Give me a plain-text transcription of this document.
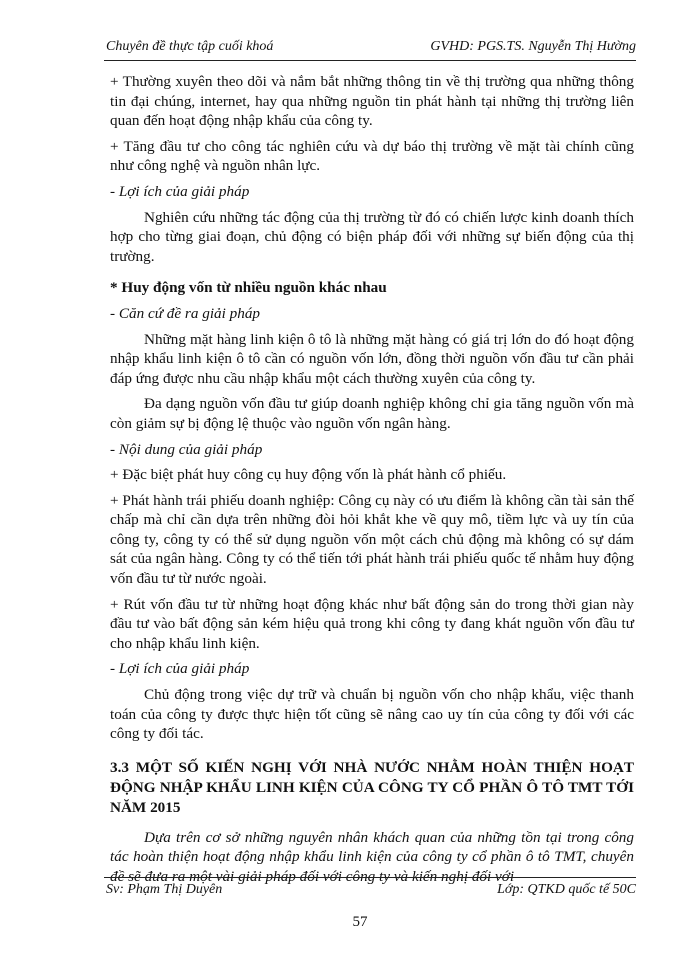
Chuyên đề thực tập cuối khoá	GVHD: PGS.TS. Nguyễn Thị Hường

+ Thường xuyên theo dõi và nắm bắt những thông tin về thị trường qua những thông tin đại chúng, internet, hay qua những nguồn tin phát hành tại những thị trường liên quan đến hoạt động nhập khẩu của công ty.

+ Tăng đầu tư cho công tác nghiên cứu và dự báo thị trường về mặt tài chính cũng như công nghệ và nguồn nhân lực.

- Lợi ích của giải pháp

Nghiên cứu những tác động của thị trường từ đó có chiến lược kinh doanh thích hợp cho từng giai đoạn, chủ động có biện pháp đối với những sự biến động của thị trường.

* Huy động vốn từ nhiều nguồn khác nhau

- Căn cứ đề ra giải pháp

Những mặt hàng linh kiện ô tô là những mặt hàng có giá trị lớn do đó hoạt động nhập khẩu linh kiện ô tô cần có nguồn vốn lớn, đồng thời nguồn vốn đầu tư cần phải đáp ứng được nhu cầu nhập khẩu một cách thường xuyên của công ty.

Đa dạng nguồn vốn đầu tư giúp doanh nghiệp không chỉ gia tăng nguồn vốn mà còn giảm sự bị động lệ thuộc vào nguồn vốn ngân hàng.

- Nội dung của giải pháp

+ Đặc biệt phát huy công cụ huy động vốn là phát hành cổ phiếu.

+ Phát hành trái phiếu doanh nghiệp: Công cụ này có ưu điểm là không cần tài sản thế chấp mà chỉ cần dựa trên những đòi hỏi khắt khe về quy mô, tiềm lực và uy tín của công ty, công ty có thể sử dụng nguồn vốn một cách chủ động mà không có sự dám sát của ngân hàng. Công ty có thể tiến tới phát hành trái phiếu quốc tế nhằm huy động vốn đầu tư từ nước ngoài.

+ Rút vốn đầu tư từ những hoạt động khác như bất động sản do trong thời gian này đầu tư vào bất động sản kém hiệu quả trong khi công ty đang khát nguồn vốn đầu tư cho nhập khẩu linh kiện.

- Lợi ích của giải pháp

Chủ động trong việc dự trữ và chuẩn bị nguồn vốn cho nhập khẩu, việc thanh toán của công ty được thực hiện tốt cũng sẽ nâng cao uy tín của công ty đối với các công ty đối tác.

3.3 MỘT SỐ KIẾN NGHỊ VỚI NHÀ NƯỚC NHẰM HOÀN THIỆN HOẠT ĐỘNG NHẬP KHẨU LINH KIỆN CỦA CÔNG TY CỔ PHẦN Ô TÔ TMT TỚI NĂM 2015

Dựa trên cơ sở những nguyên nhân khách quan của những tồn tại trong công tác hoàn thiện hoạt động nhập khẩu linh kiện của công ty cổ phần ô tô TMT, chuyên đề sẽ đưa ra một vài giải pháp đối với công ty và kiến nghị đối với

Sv: Phạm Thị Duyên	Lớp: QTKD quốc tế 50C
57
